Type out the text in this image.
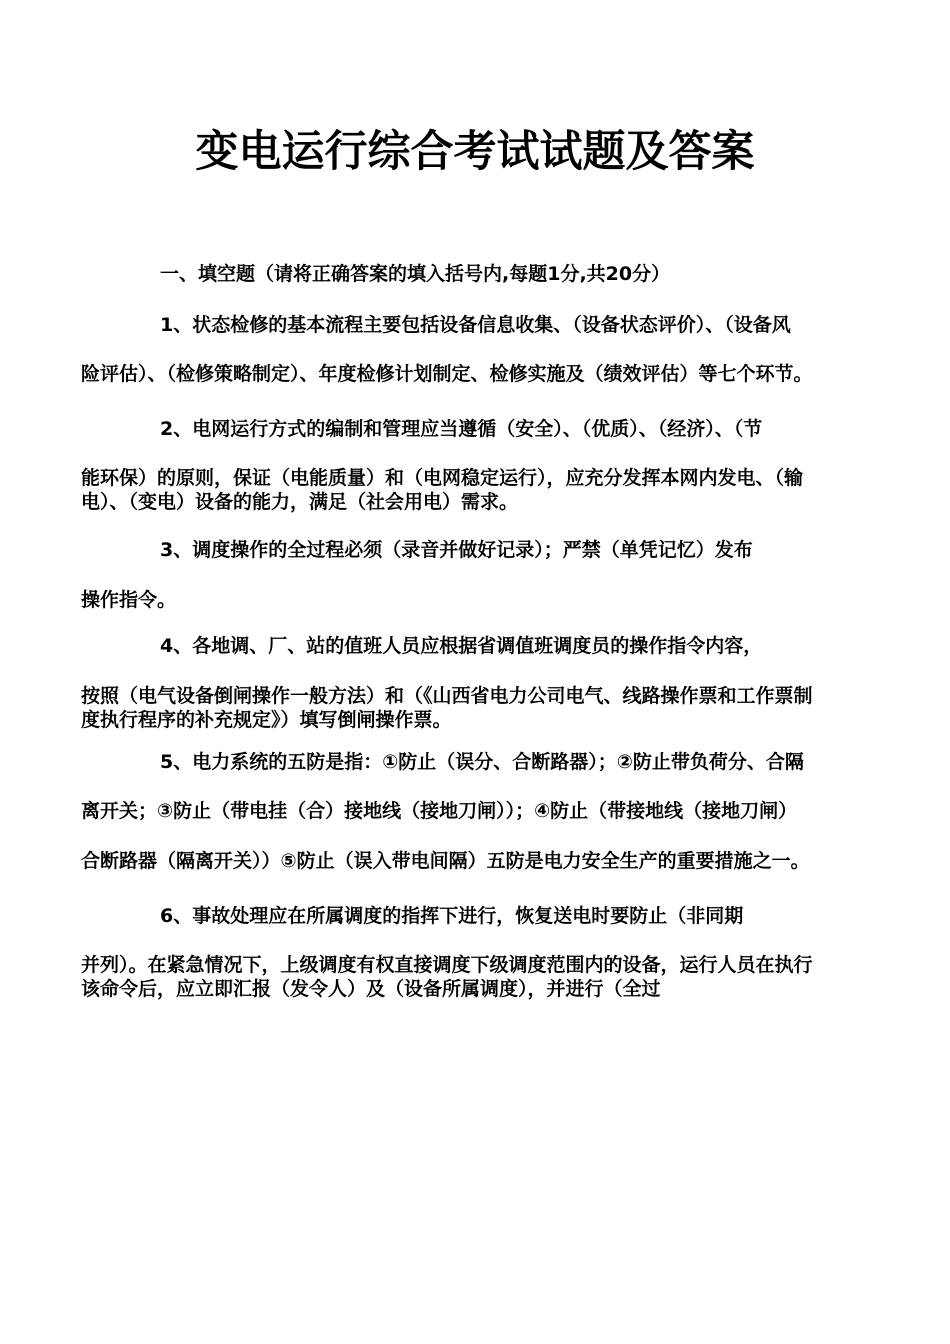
变电运行综合考试试题及答案
一、填空题（请将正确答案的填入括号内,每题1分,共20分）
1、状态检修的基本流程主要包括设备信息收集、（设备状态评价）、（设备风
险评估）、（检修策略制定）、年度检修计划制定、检修实施及（绩效评估）等七个环节。
2、电网运行方式的编制和管理应当遵循（安全）、（优质）、（经济）、（节
能环保）的原则，保证（电能质量）和（电网稳定运行），应充分发挥本网内发电、（输
电）、（变电）设备的能力，满足（社会用电）需求。
3、调度操作的全过程必须（录音并做好记录）；严禁（单凭记忆）发布
操作指令。
4、各地调、厂、站的值班人员应根据省调值班调度员的操作指令内容，
按照（电气设备倒闸操作一般方法）和（《山西省电力公司电气、线路操作票和工作票制
度执行程序的补充规定》）填写倒闸操作票。
5、电力系统的五防是指：①防止（误分、合断路器）；②防止带负荷分、合隔
离开关；③防止（带电挂（合）接地线（接地刀闸））；④防止（带接地线（接地刀闸）
合断路器（隔离开关））⑤防止（误入带电间隔）五防是电力安全生产的重要措施之一。
6、事故处理应在所属调度的指挥下进行，恢复送电时要防止（非同期
并列）。在紧急情况下，上级调度有权直接调度下级调度范围内的设备，运行人员在执行
该命令后，应立即汇报（发令人）及（设备所属调度），并进行（全过
